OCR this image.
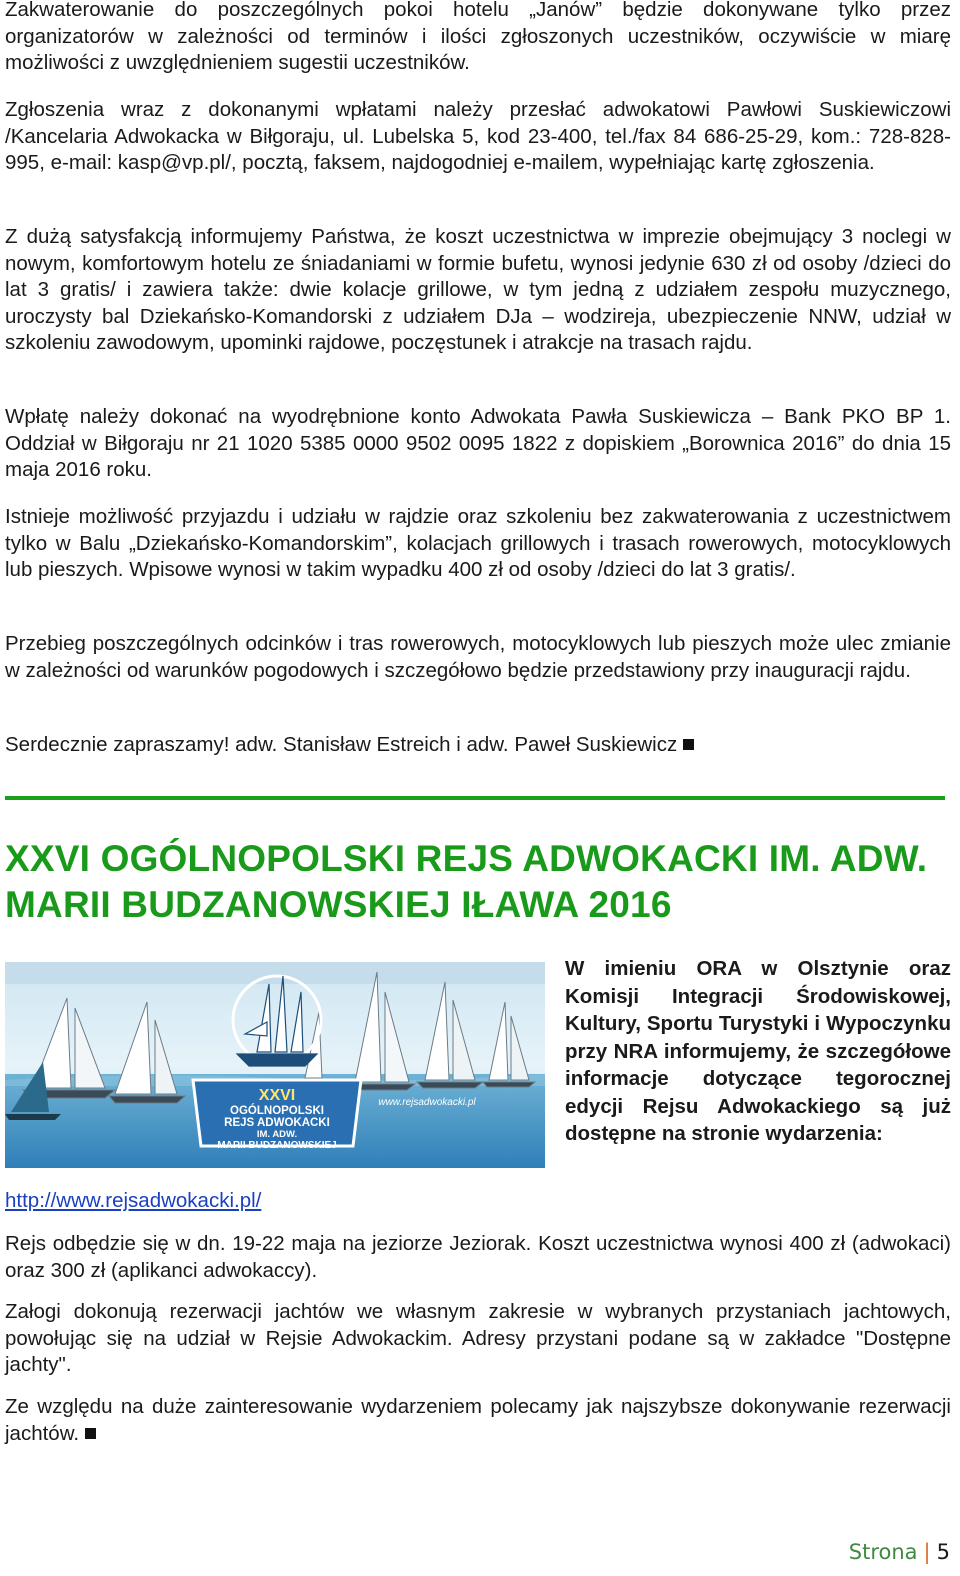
Zakwaterowanie do poszczególnych pokoi hotelu „Janów” będzie dokonywane tylko przez organizatorów w zależności od terminów i ilości zgłoszonych uczestników, oczywiście w miarę możliwości z uwzględnieniem sugestii uczestników.

Zgłoszenia wraz z dokonanymi wpłatami należy przesłać adwokatowi Pawłowi Suskiewiczowi /Kancelaria Adwokacka w Biłgoraju, ul. Lubelska 5, kod 23-400, tel./fax 84 686-25-29, kom.: 728-828-995, e-mail: kasp@vp.pl/, pocztą, faksem, najdogodniej e-mailem, wypełniając kartę zgłoszenia.

Z dużą satysfakcją informujemy Państwa, że koszt uczestnictwa w imprezie obejmujący 3 noclegi w nowym, komfortowym hotelu ze śniadaniami w formie bufetu, wynosi jedynie 630 zł od osoby /dzieci do lat 3 gratis/ i zawiera także: dwie kolacje grillowe, w tym jedną z udziałem zespołu muzycznego, uroczysty bal Dziekańsko-Komandorski z udziałem DJa – wodzireja, ubezpieczenie NNW, udział w szkoleniu zawodowym, upominki rajdowe, poczęstunek i atrakcje na trasach rajdu.

Wpłatę należy dokonać na wyodrębnione konto Adwokata Pawła Suskiewicza – Bank PKO BP 1. Oddział w Biłgoraju nr 21 1020 5385 0000 9502 0095 1822 z dopiskiem „Borownica 2016” do dnia 15 maja 2016 roku.

Istnieje możliwość przyjazdu i udziału w rajdzie oraz szkoleniu bez zakwaterowania z uczestnictwem tylko w Balu „Dziekańsko-Komandorskim”, kolacjach grillowych i trasach rowerowych, motocyklowych lub pieszych. Wpisowe wynosi w takim wypadku 400 zł od osoby /dzieci do lat 3 gratis/.

Przebieg poszczególnych odcinków i tras rowerowych, motocyklowych lub pieszych może ulec zmianie w zależności od warunków pogodowych i szczegółowo będzie przedstawiony przy inauguracji rajdu.

Serdecznie zapraszamy! adw. Stanisław Estreich i adw. Paweł Suskiewicz

Rejs odbędzie się w dn. 19-22 maja na jeziorze Jeziorak. Koszt uczestnictwa wynosi 400 zł (adwokaci) oraz 300 zł (aplikanci adwokaccy).

Załogi dokonują rezerwacji jachtów we własnym zakresie w wybranych przystaniach jachtowych, powołując się na udział w Rejsie Adwokackim. Adresy przystani podane są w zakładce "Dostępne jachty".

Ze względu na duże zainteresowanie wydarzeniem polecamy jak najszybsze dokonywanie rezerwacji jachtów.

XXVI OGÓLNOPOLSKI REJS ADWOKACKI IM. ADW. MARII BUDZANOWSKIEJ IŁAWA 2016
XXVI
OGÓLNOPOLSKI
REJS ADWOKACKI
IM. ADW.
MARII BUDZANOWSKIEJ
www.rejsadwokacki.pl

W imieniu ORA w Olsztynie oraz Komisji Integracji Środowiskowej, Kultury, Sportu Turystyki i Wypoczynku przy NRA informujemy, że szczegółowe informacje dotyczące tegorocznej edycji Rejsu Adwokackiego są już dostępne na stronie wydarzenia:

http://www.rejsadwokacki.pl/
Strona | 5
